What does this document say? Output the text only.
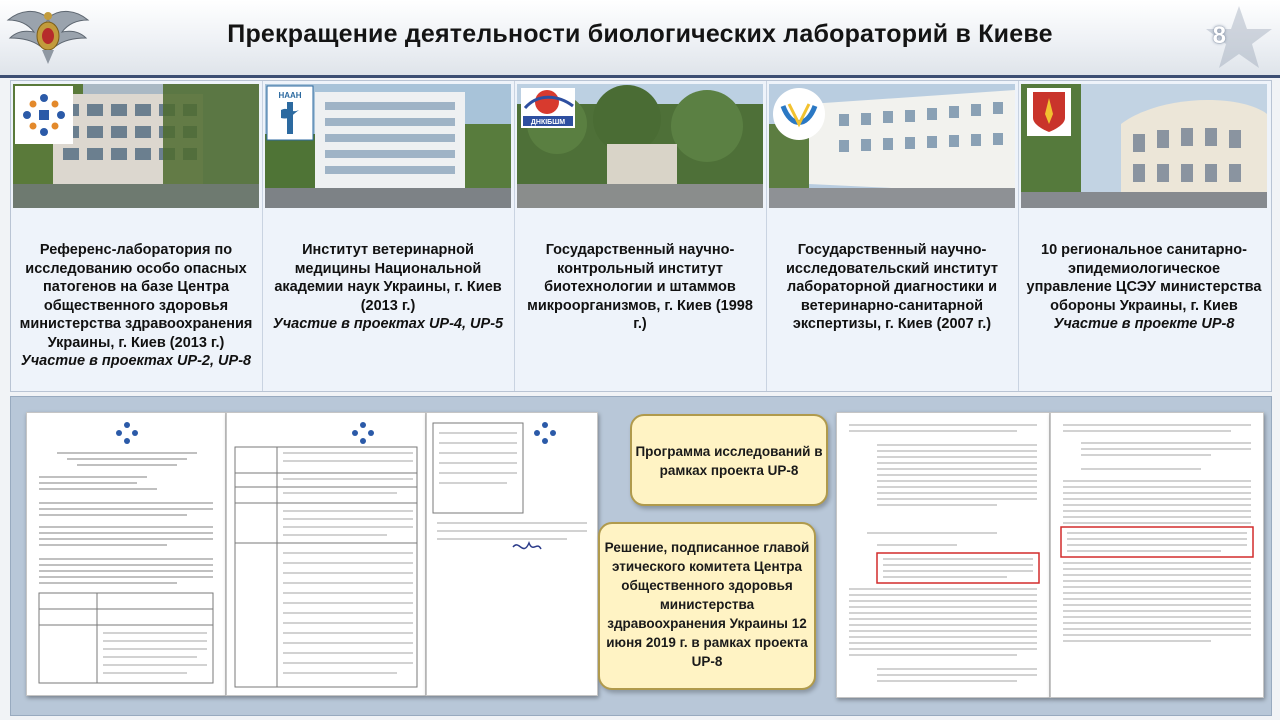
Прекращение деятельности биологических лабораторий в Киеве	8
Референс-лаборатория по исследованию особо опасных патогенов на базе Центра общественного здоровья министерства здравоохранения Украины, г. Киев (2013 г.)
Участие в проектах UP-2, UP-8
НААН
Институт ветеринарной медицины Национальной академии наук Украины, г. Киев (2013 г.)
Участие в проектах UP-4, UP-5
ДНКІБШМ
Государственный научно-контрольный институт биотехнологии и штаммов микроорганизмов, г. Киев (1998 г.)
Государственный научно-исследовательский институт лабораторной диагностики и ветеринарно-санитарной экспертизы, г. Киев (2007 г.)
10 региональное санитарно-эпидемиологическое управление ЦСЭУ министерства обороны Украины, г. Киев
Участие в проекте UP-8
Программа исследований в рамках проекта UP-8
Решение, подписанное главой этического комитета Центра общественного здоровья министерства здравоохранения Украины 12 июня 2019 г. в рамках проекта UP-8
